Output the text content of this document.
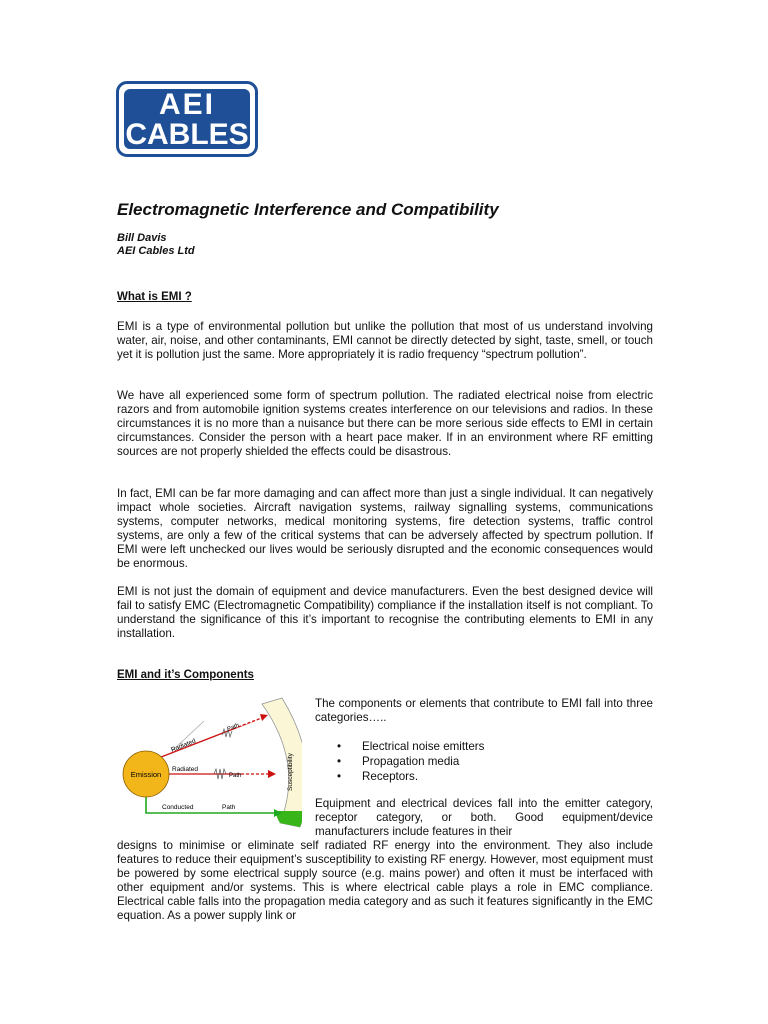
AEI
CABLES
Electromagnetic Interference and Compatibility
Bill Davis
AEI Cables Ltd
What is EMI ?

EMI is a type of environmental pollution but unlike the pollution that most of us understand involving water, air, noise, and other contaminants, EMI cannot be directly detected by sight, taste, smell, or touch yet it is pollution just the same. More appropriately it is radio frequency “spectrum pollution”.

We have all experienced some form of spectrum pollution. The radiated electrical noise from electric razors and from automobile ignition systems creates interference on our televisions and radios. In these circumstances it is no more than a nuisance but there can be more serious side effects to EMI in certain circumstances. Consider the person with a heart pace maker. If in an environment where RF emitting sources are not properly shielded the effects could be disastrous.

In fact, EMI can be far more damaging and can affect more than just a single individual. It can negatively impact whole societies. Aircraft navigation systems, railway signalling systems, communications systems, computer networks, medical monitoring systems, fire detection systems, traffic control systems, are only a few of the critical systems that can be adversely affected by spectrum pollution. If EMI were left unchecked our lives would be seriously disrupted and the economic consequences would be enormous.

EMI is not just the domain of equipment and device manufacturers. Even the best designed device will fail to satisfy EMC (Electromagnetic Compatibility) compliance if the installation itself is not compliant. To understand the significance of this it’s important to recognise the contributing elements to EMI in any installation.

EMI and it’s Components
Susceptibility
Radiated
Path
Radiated
Path
Conducted	Path
Emission

The components or elements that contribute to EMI fall into three categories…..

• Electrical noise emitters
• Propagation media
• Receptors.

Equipment and electrical devices fall into the emitter category, receptor category, or both. Good equipment/device manufacturers include features in their

designs to minimise or eliminate self radiated RF energy into the environment. They also include features to reduce their equipment’s susceptibility to existing RF energy. However, most equipment must be powered by some electrical supply source (e.g. mains power) and often it must be interfaced with other equipment and/or systems. This is where electrical cable plays a role in EMC compliance. Electrical cable falls into the propagation media category and as such it features significantly in the EMC equation. As a power supply link or
